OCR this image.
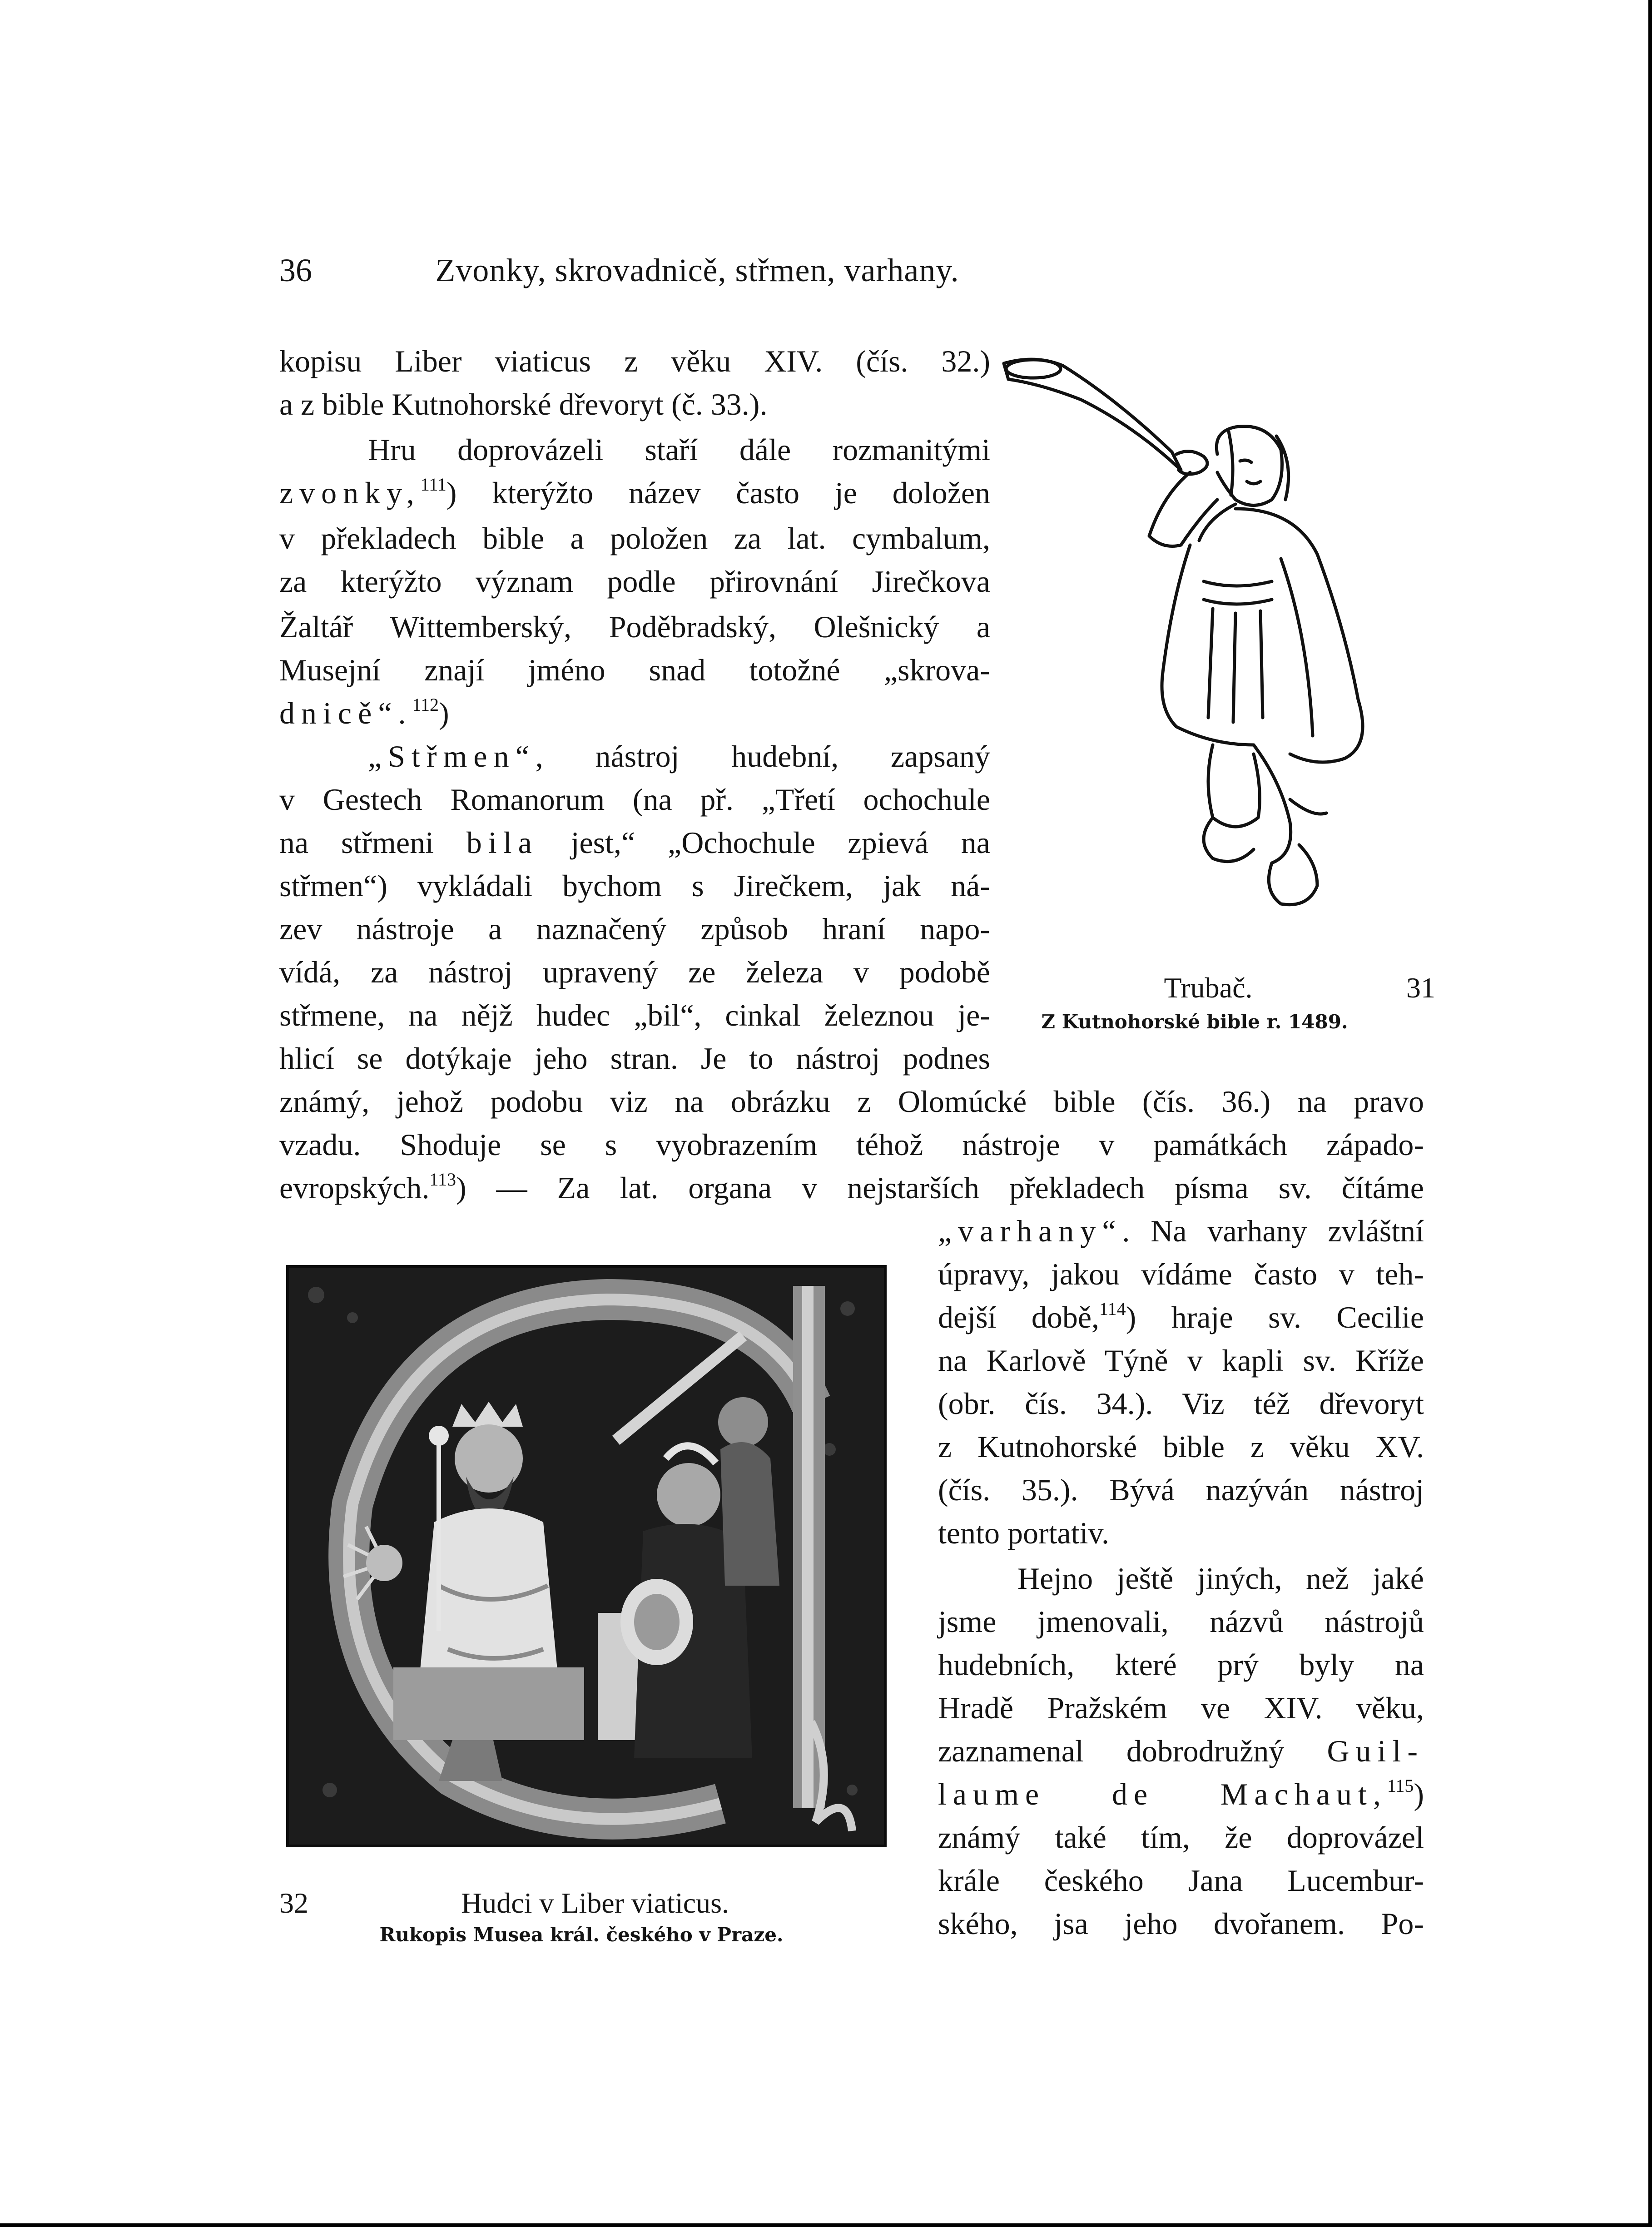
36	Zvonky, skrovadnicě, střmen, varhany.
kopisu Liber viaticus z věku XIV. (čís. 32.)
a z bible Kutnohorské dřevoryt (č. 33.).
Hru doprovázeli staří dále rozmanitými
zvonky,$^{111}$) kterýžto název často je doložen
v překladech bible a položen za lat. cymbalum,
za kterýžto význam podle přirovnání Jirečkova
Žaltář Wittemberský, Poděbradský, Olešnický a
Musejní znají jméno snad totožné „skrova-
dnicě“.$^{112}$)
„Střmen“, nástroj hudební, zapsaný
v Gestech Romanorum (na př. „Třetí ochochule
na střmeni bila jest,“ „Ochochule zpievá na
střmen“) vykládali bychom s Jirečkem, jak ná-
zev nástroje a naznačený způsob hraní napo-
vídá, za nástroj upravený ze železa v podobě
střmene, na nějž hudec „bil“, cinkal železnou je-
hlicí se dotýkaje jeho stran. Je to nástroj podnes
známý, jehož podobu viz na obrázku z Olomúcké bible (čís. 36.) na pravo
vzadu. Shoduje se s vyobrazením téhož nástroje v památkách západo-
evropských.$^{113}$) — Za lat. organa v nejstarších překladech písma sv. čítáme
„varhany“. Na varhany zvláštní
úpravy, jakou vídáme často v teh-
dejší době,$^{114}$) hraje sv. Cecilie
na Karlově Týně v kapli sv. Kříže
(obr. čís. 34.). Viz též dřevoryt
z Kutnohorské bible z věku XV.
(čís. 35.). Bývá nazýván nástroj
tento portativ.
Hejno ještě jiných, než jaké
jsme jmenovali, názvů nástrojů
hudebních, které prý byly na
Hradě Pražském ve XIV. věku,
zaznamenal dobrodružný Guil-
laume de Machaut,$^{115}$)
známý také tím, že doprovázel
krále českého Jana Lucembur-
ského, jsa jeho dvořanem. Po-
Trubač.	31
Z Kutnohorské bible r. 1489.
32	Hudci v Liber viaticus.
Rukopis Musea král. českého v Praze.
